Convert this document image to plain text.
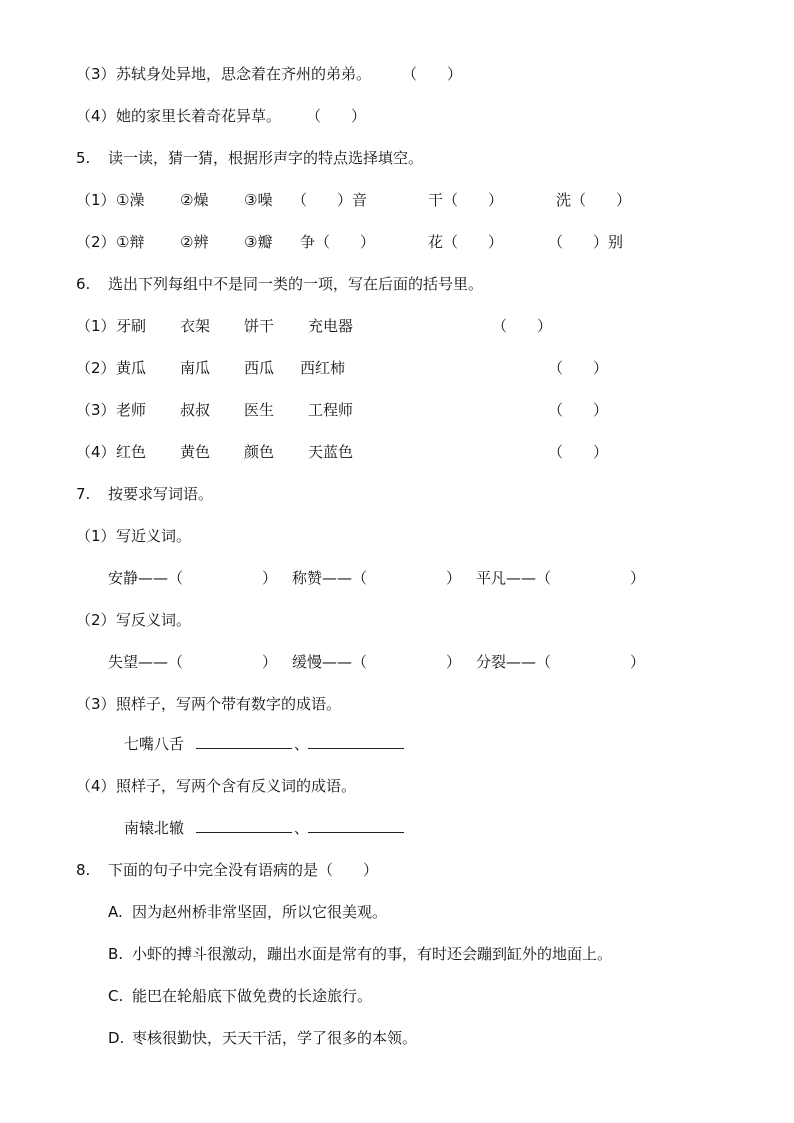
（3） 苏轼身处异地，思念着在齐州的弟弟。 （　　）
（4） 她的家里长着奇花异草。 （　　）
5. 读一读，猜一猜，根据形声字的特点选择填空。
（1） ①澡 ②燥 ③噪 （　　）音	干（　　）	洗（　　）
（2） ①辩 ②辨 ③瓣 争（　　）	花（　　）	（　　）别
6. 选出下列每组中不是同一类的一项，写在后面的括号里。
（1） 牙刷 衣架 饼干 充电器	（　　）
（2） 黄瓜 南瓜 西瓜 西红柿	（　　）
（3） 老师 叔叔 医生 工程师	（　　）
（4） 红色 黄色 颜色 天蓝色	（　　）
7. 按要求写词语。
（1） 写近义词。
安静——（	） 称赞——（	） 平凡——（	）
（2） 写反义词。
失望——（	） 缓慢——（	） 分裂——（	）
（3） 照样子，写两个带有数字的成语。
七嘴八舌	、
（4） 照样子，写两个含有反义词的成语。
南辕北辙	、
8. 下面的句子中完全没有语病的是（　　）
A. 因为赵州桥非常坚固，所以它很美观。
B. 小虾的搏斗很激动，蹦出水面是常有的事，有时还会蹦到缸外的地面上。
C. 能巴在轮船底下做免费的长途旅行。
D. 枣核很勤快，天天干活，学了很多的本领。
